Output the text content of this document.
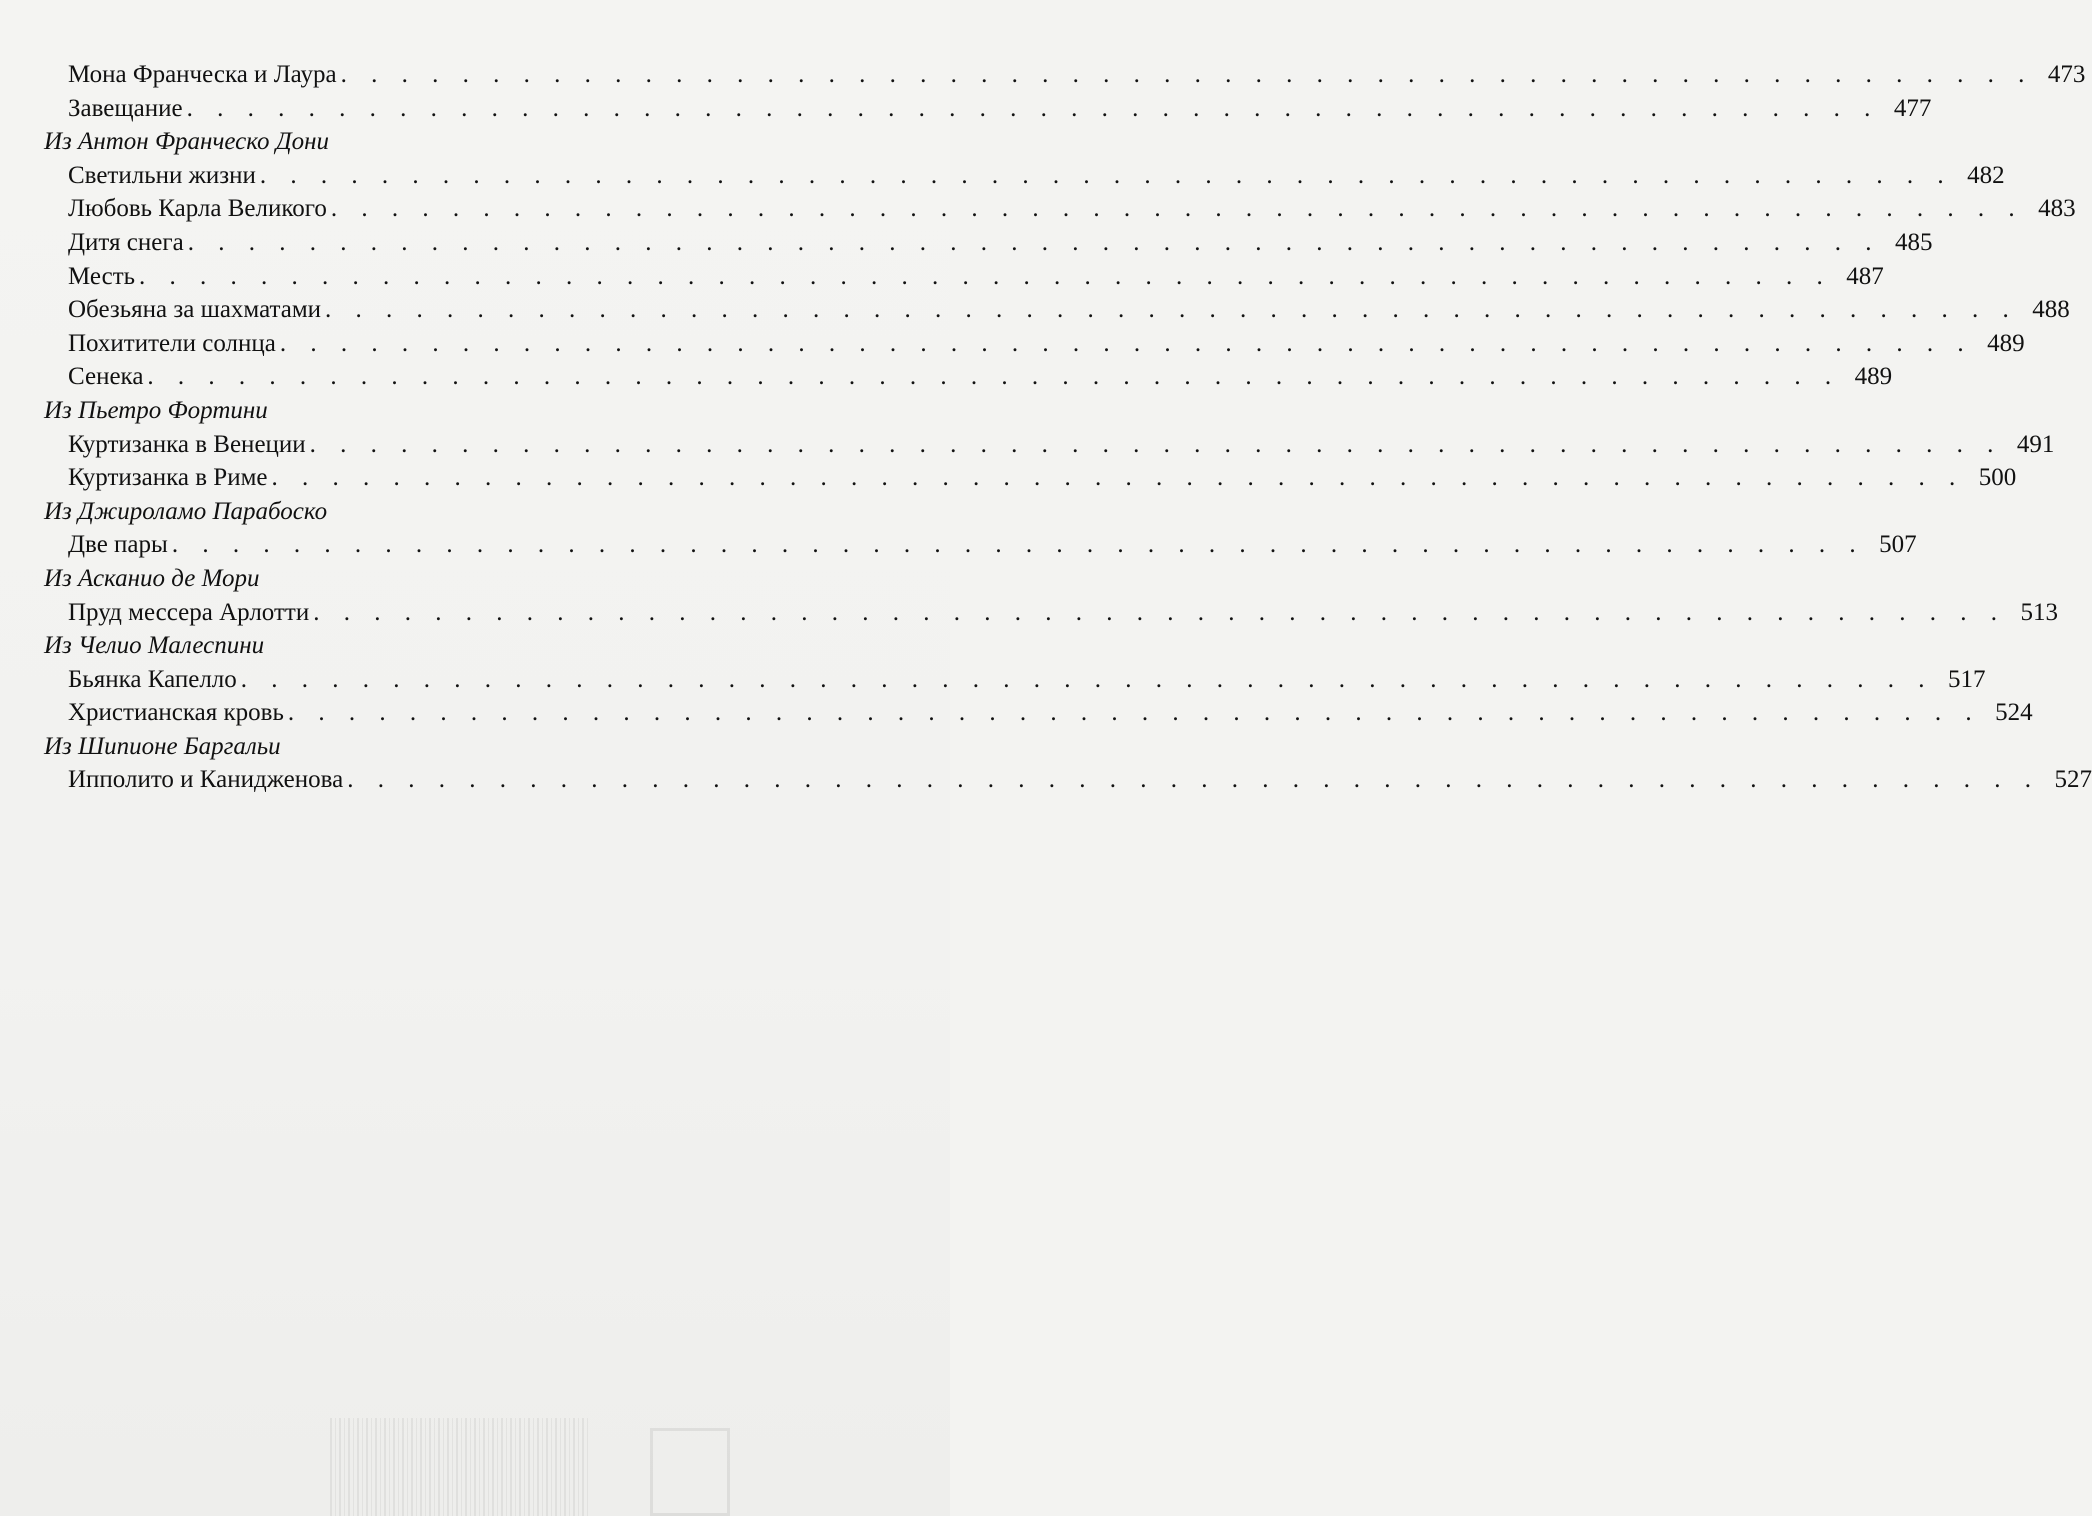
Мона Франческа и Лаура . . . . . . . . . . . . . . . . . . . . . . . . . . . . . . . . . . . . . . . . . . . . . . . . . . . . . . . . 473
Завещание . . . . . . . . . . . . . . . . . . . . . . . . . . . . . . . . . . . . . . . . . . . . . . . . . . . . . . . . 477
Из Антон Франческо Дони
Светильни жизни . . . . . . . . . . . . . . . . . . . . . . . . . . . . . . . . . . . . . . . . . . . . . . . . . . . . . . . . 482
Любовь Карла Великого . . . . . . . . . . . . . . . . . . . . . . . . . . . . . . . . . . . . . . . . . . . . . . . . . . . . . . . . 483
Дитя снега . . . . . . . . . . . . . . . . . . . . . . . . . . . . . . . . . . . . . . . . . . . . . . . . . . . . . . . . 485
Месть . . . . . . . . . . . . . . . . . . . . . . . . . . . . . . . . . . . . . . . . . . . . . . . . . . . . . . . . 487
Обезьяна за шахматами . . . . . . . . . . . . . . . . . . . . . . . . . . . . . . . . . . . . . . . . . . . . . . . . . . . . . . . . 488
Похитители солнца . . . . . . . . . . . . . . . . . . . . . . . . . . . . . . . . . . . . . . . . . . . . . . . . . . . . . . . . 489
Сенека . . . . . . . . . . . . . . . . . . . . . . . . . . . . . . . . . . . . . . . . . . . . . . . . . . . . . . . . 489
Из Пьетро Фортини
Куртизанка в Венеции . . . . . . . . . . . . . . . . . . . . . . . . . . . . . . . . . . . . . . . . . . . . . . . . . . . . . . . . 491
Куртизанка в Риме . . . . . . . . . . . . . . . . . . . . . . . . . . . . . . . . . . . . . . . . . . . . . . . . . . . . . . . . 500
Из Джироламо Парабоско
Две пары . . . . . . . . . . . . . . . . . . . . . . . . . . . . . . . . . . . . . . . . . . . . . . . . . . . . . . . . 507
Из Асканио де Мори
Пруд мессера Арлотти . . . . . . . . . . . . . . . . . . . . . . . . . . . . . . . . . . . . . . . . . . . . . . . . . . . . . . . . 513
Из Челио Малеспини
Бьянка Капелло . . . . . . . . . . . . . . . . . . . . . . . . . . . . . . . . . . . . . . . . . . . . . . . . . . . . . . . . 517
Христианская кровь . . . . . . . . . . . . . . . . . . . . . . . . . . . . . . . . . . . . . . . . . . . . . . . . . . . . . . . . 524
Из Шипионе Баргальи
Ипполито и Канидженова . . . . . . . . . . . . . . . . . . . . . . . . . . . . . . . . . . . . . . . . . . . . . . . . . . . . . . . . 527
